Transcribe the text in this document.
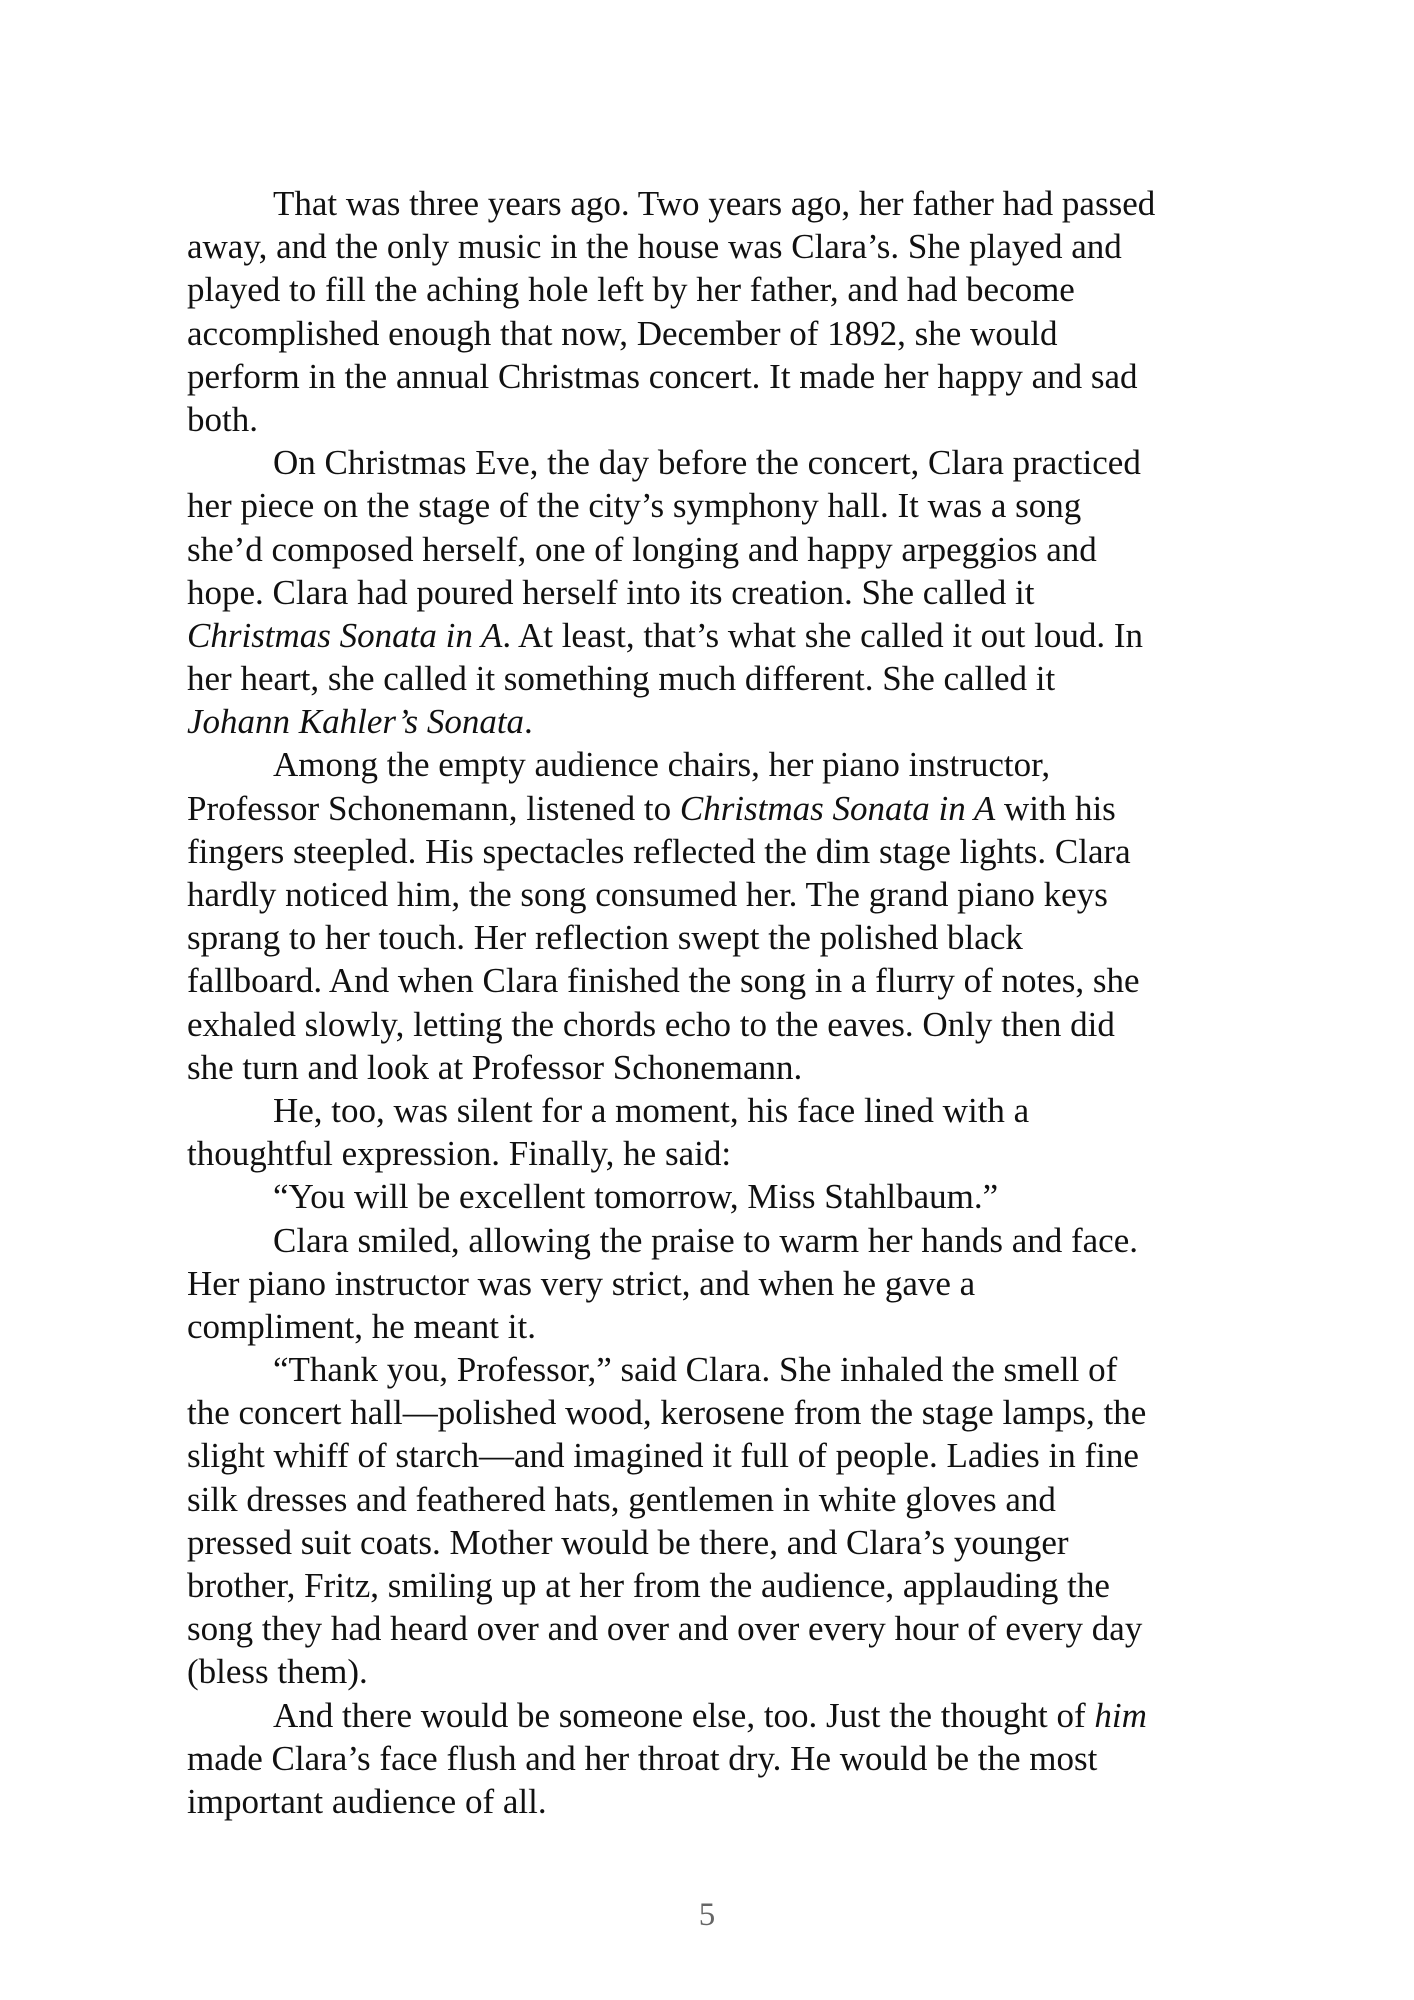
That was three years ago. Two years ago, her father had passed
away, and the only music in the house was Clara’s. She played and
played to fill the aching hole left by her father, and had become
accomplished enough that now, December of 1892, she would
perform in the annual Christmas concert. It made her happy and sad
both.
On Christmas Eve, the day before the concert, Clara practiced
her piece on the stage of the city’s symphony hall. It was a song
she’d composed herself, one of longing and happy arpeggios and
hope. Clara had poured herself into its creation. She called it
Christmas Sonata in A. At least, that’s what she called it out loud. In
her heart, she called it something much different. She called it
Johann Kahler’s Sonata.
Among the empty audience chairs, her piano instructor,
Professor Schonemann, listened to Christmas Sonata in A with his
fingers steepled. His spectacles reflected the dim stage lights. Clara
hardly noticed him, the song consumed her. The grand piano keys
sprang to her touch. Her reflection swept the polished black
fallboard. And when Clara finished the song in a flurry of notes, she
exhaled slowly, letting the chords echo to the eaves. Only then did
she turn and look at Professor Schonemann.
He, too, was silent for a moment, his face lined with a
thoughtful expression. Finally, he said:
“You will be excellent tomorrow, Miss Stahlbaum.”
Clara smiled, allowing the praise to warm her hands and face.
Her piano instructor was very strict, and when he gave a
compliment, he meant it.
“Thank you, Professor,” said Clara. She inhaled the smell of
the concert hall—polished wood, kerosene from the stage lamps, the
slight whiff of starch—and imagined it full of people. Ladies in fine
silk dresses and feathered hats, gentlemen in white gloves and
pressed suit coats. Mother would be there, and Clara’s younger
brother, Fritz, smiling up at her from the audience, applauding the
song they had heard over and over and over every hour of every day
(bless them).
And there would be someone else, too. Just the thought of him
made Clara’s face flush and her throat dry. He would be the most
important audience of all.
5
